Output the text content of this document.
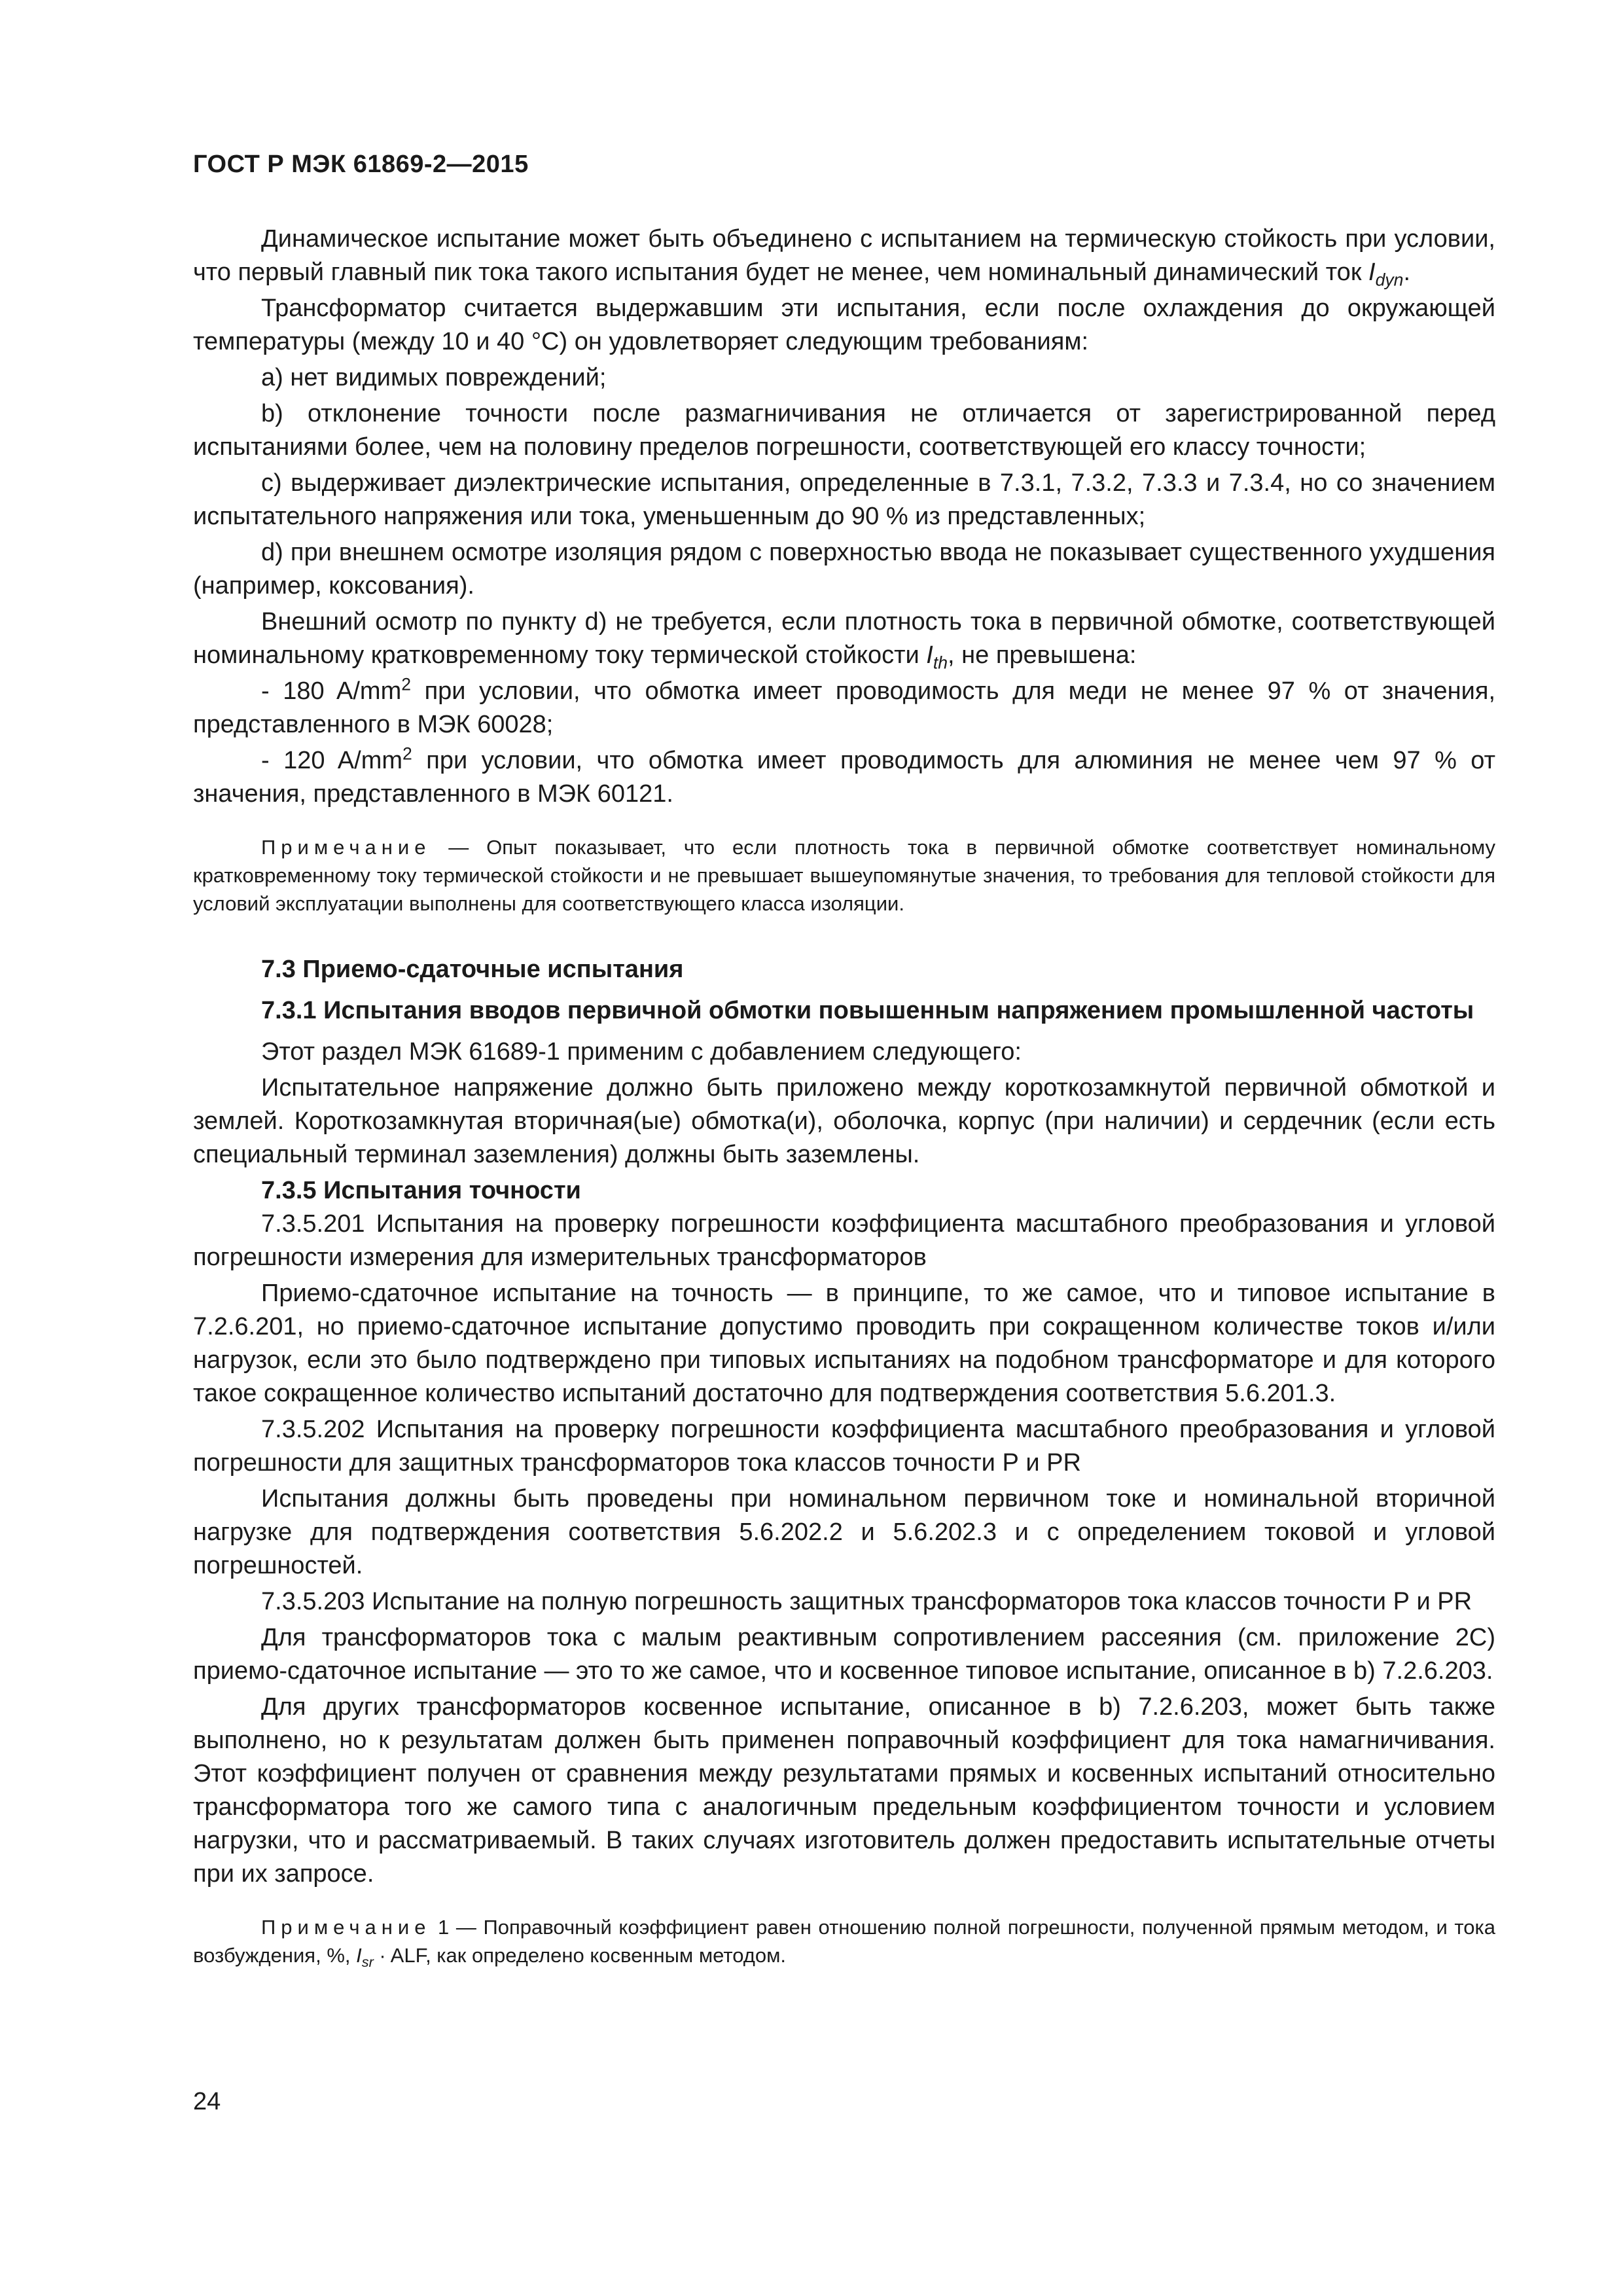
ГОСТ Р МЭК 61869-2—2015

Динамическое испытание может быть объединено с испытанием на термическую стойкость при условии, что первый главный пик тока такого испытания будет не менее, чем номинальный динамический ток $I_{dyn}$.

Трансформатор считается выдержавшим эти испытания, если после охлаждения до окружающей температуры (между 10 и 40 °С) он удовлетворяет следующим требованиям:

a) нет видимых повреждений;

b) отклонение точности после размагничивания не отличается от зарегистрированной перед испытаниями более, чем на половину пределов погрешности, соответствующей его классу точности;

c) выдерживает диэлектрические испытания, определенные в 7.3.1, 7.3.2, 7.3.3 и 7.3.4, но со значением испытательного напряжения или тока, уменьшенным до 90 % из представленных;

d) при внешнем осмотре изоляция рядом с поверхностью ввода не показывает существенного ухудшения (например, коксования).

Внешний осмотр по пункту d) не требуется, если плотность тока в первичной обмотке, соответствующей номинальному кратковременному току термической стойкости $I_{th}$, не превышена:

- 180 $A/mm^2$ при условии, что обмотка имеет проводимость для меди не менее 97 % от значения, представленного в МЭК 60028;

- 120 $A/mm^2$ при условии, что обмотка имеет проводимость для алюминия не менее чем 97 % от значения, представленного в МЭК 60121.

Примечание — Опыт показывает, что если плотность тока в первичной обмотке соответствует номинальному кратковременному току термической стойкости и не превышает вышеупомянутые значения, то требования для тепловой стойкости для условий эксплуатации выполнены для соответствующего класса изоляции.

7.3 Приемо-сдаточные испытания
7.3.1 Испытания вводов первичной обмотки повышенным напряжением промышленной частоты

Этот раздел МЭК 61689-1 применим с добавлением следующего:

Испытательное напряжение должно быть приложено между короткозамкнутой первичной обмоткой и землей. Короткозамкнутая вторичная(ые) обмотка(и), оболочка, корпус (при наличии) и сердечник (если есть специальный терминал заземления) должны быть заземлены.

7.3.5 Испытания точности

7.3.5.201 Испытания на проверку погрешности коэффициента масштабного преобразования и угловой погрешности измерения для измерительных трансформаторов

Приемо-сдаточное испытание на точность — в принципе, то же самое, что и типовое испытание в 7.2.6.201, но приемо-сдаточное испытание допустимо проводить при сокращенном количестве токов и/или нагрузок, если это было подтверждено при типовых испытаниях на подобном трансформаторе и для которого такое сокращенное количество испытаний достаточно для подтверждения соответствия 5.6.201.3.

7.3.5.202 Испытания на проверку погрешности коэффициента масштабного преобразования и угловой погрешности для защитных трансформаторов тока классов точности Р и PR

Испытания должны быть проведены при номинальном первичном токе и номинальной вторичной нагрузке для подтверждения соответствия 5.6.202.2 и 5.6.202.3 и с определением токовой и угловой погрешностей.

7.3.5.203 Испытание на полную погрешность защитных трансформаторов тока классов точности Р и PR

Для трансформаторов тока с малым реактивным сопротивлением рассеяния (см. приложение 2С) приемо-сдаточное испытание — это то же самое, что и косвенное типовое испытание, описанное в b) 7.2.6.203.

Для других трансформаторов косвенное испытание, описанное в b) 7.2.6.203, может быть также выполнено, но к результатам должен быть применен поправочный коэффициент для тока намагничивания. Этот коэффициент получен от сравнения между результатами прямых и косвенных испытаний относительно трансформатора того же самого типа с аналогичным предельным коэффициентом точности и условием нагрузки, что и рассматриваемый. В таких случаях изготовитель должен предоставить испытательные отчеты при их запросе.

Примечание 1 — Поправочный коэффициент равен отношению полной погрешности, полученной прямым методом, и тока возбуждения, %, $I_{sr}$ · ALF, как определено косвенным методом.

24
